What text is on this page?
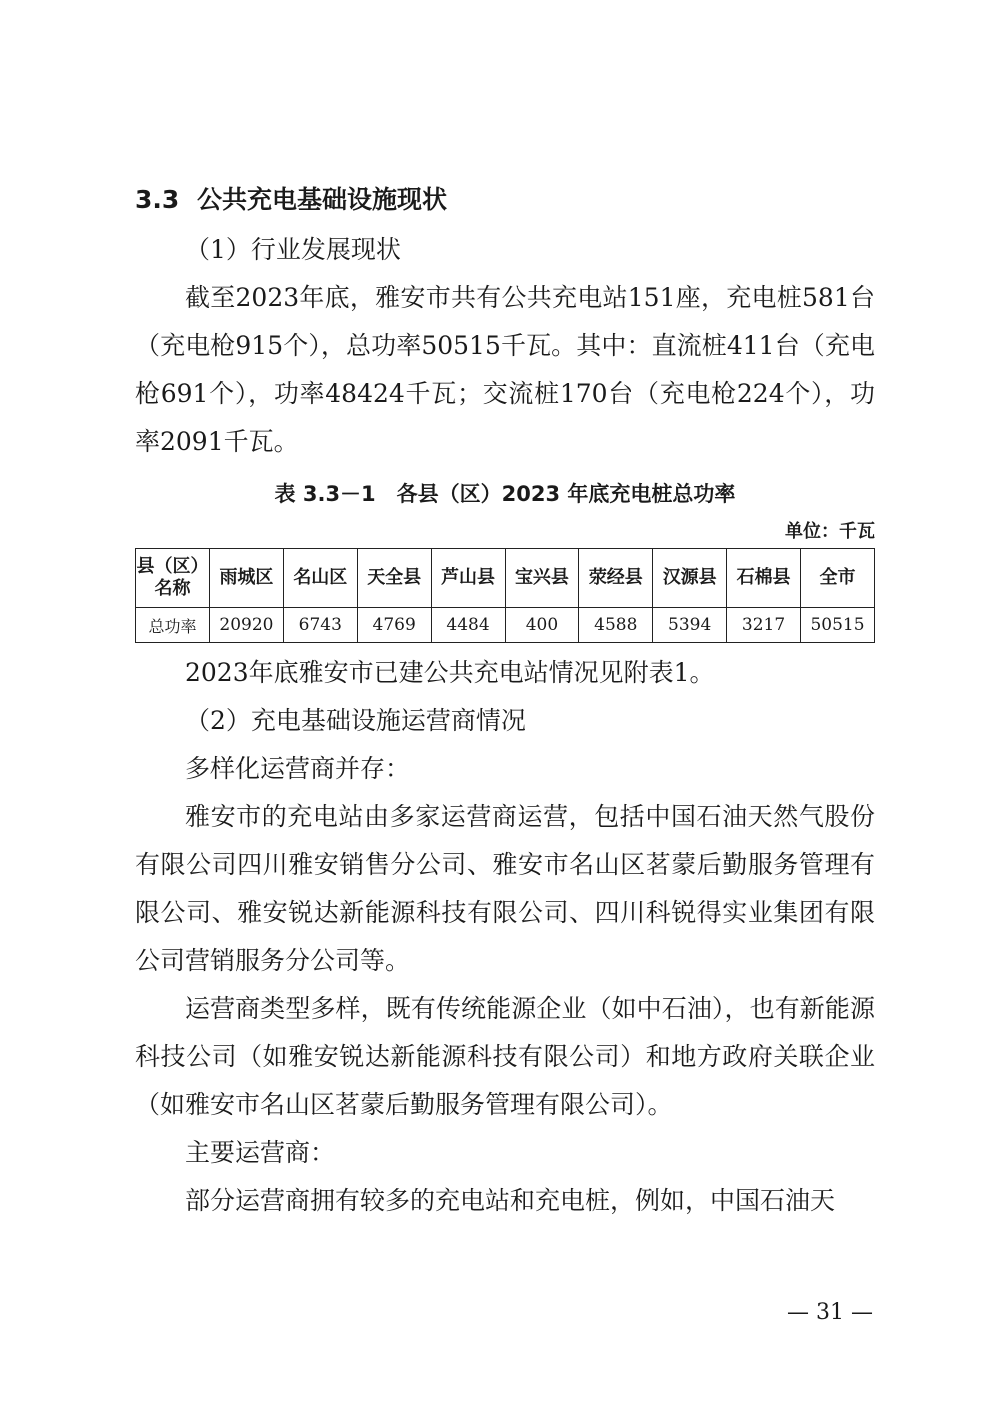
3.3 公共充电基础设施现状

（1）行业发展现状

截至2023年底，雅安市共有公共充电站151座，充电桩581台（充电枪915个），总功率50515千瓦。其中：直流桩411台（充电枪691个），功率48424千瓦；交流桩170台（充电枪224个），功率2091千瓦。

表 3.3－1　各县（区）2023 年底充电桩总功率
单位：千瓦
县（区）名称	雨城区	名山区	天全县	芦山县	宝兴县	荥经县	汉源县	石棉县	全市
总功率	20920	6743	4769	4484	400	4588	5394	3217	50515

2023年底雅安市已建公共充电站情况见附表1。

（2）充电基础设施运营商情况

多样化运营商并存：

雅安市的充电站由多家运营商运营，包括中国石油天然气股份有限公司四川雅安销售分公司、雅安市名山区茗蒙后勤服务管理有限公司、雅安锐达新能源科技有限公司、四川科锐得实业集团有限公司营销服务分公司等。

运营商类型多样，既有传统能源企业（如中石油），也有新能源科技公司（如雅安锐达新能源科技有限公司）和地方政府关联企业（如雅安市名山区茗蒙后勤服务管理有限公司）。

主要运营商：

部分运营商拥有较多的充电站和充电桩，例如，中国石油天

— 31 —
